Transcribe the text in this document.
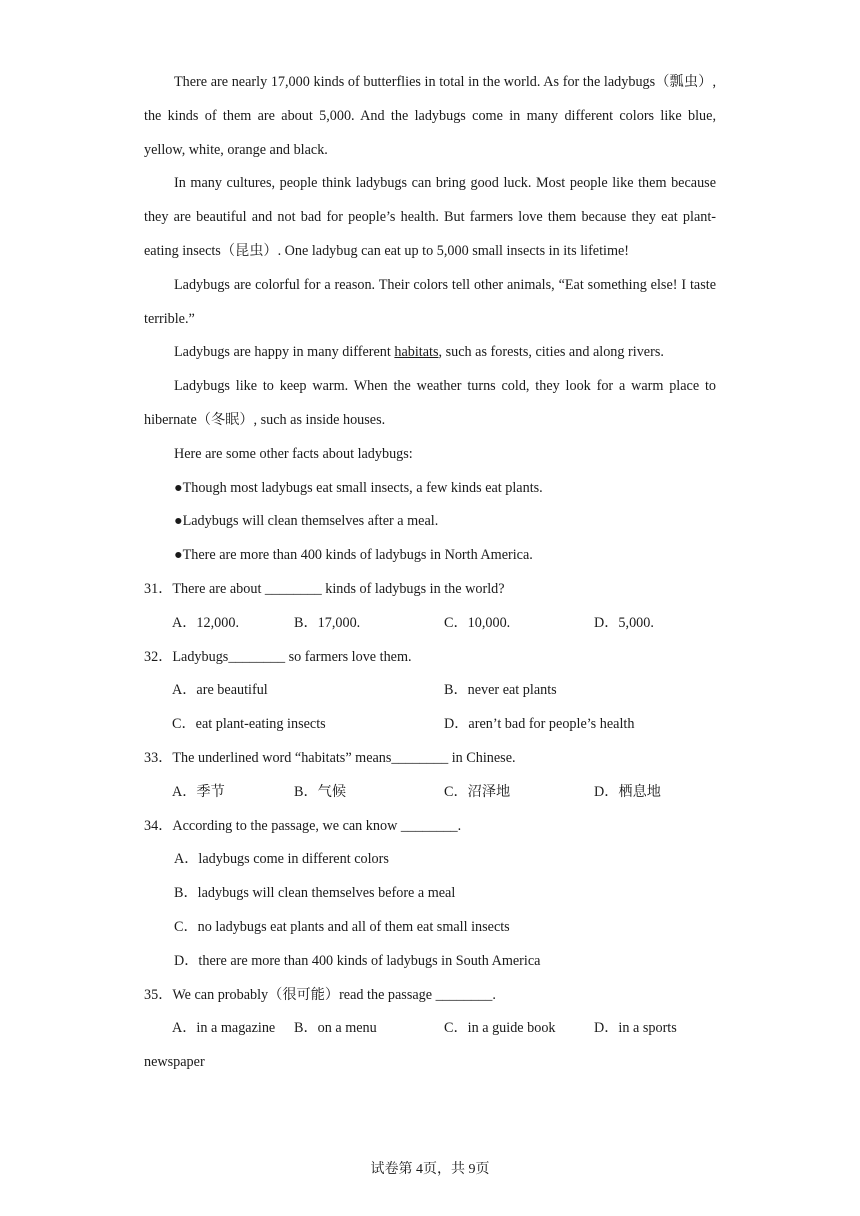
There are nearly 17,000 kinds of butterflies in total in the world. As for the ladybugs（瓢虫）, the kinds of them are about 5,000. And the ladybugs come in many different colors like blue, yellow, white, orange and black.

In many cultures, people think ladybugs can bring good luck. Most people like them because they are beautiful and not bad for people’s health. But farmers love them because they eat plant-eating insects（昆虫）. One ladybug can eat up to 5,000 small insects in its lifetime!

Ladybugs are colorful for a reason. Their colors tell other animals, “Eat something else! I taste terrible.”

Ladybugs are happy in many different habitats, such as forests, cities and along rivers.

Ladybugs like to keep warm. When the weather turns cold, they look for a warm place to hibernate（冬眠）, such as inside houses.

Here are some other facts about ladybugs:

●Though most ladybugs eat small insects, a few kinds eat plants.

●Ladybugs will clean themselves after a meal.

●There are more than 400 kinds of ladybugs in North America.

31．There are about ________ kinds of ladybugs in the world?

A．12,000.	B．17,000.	C．10,000.	D．5,000.

32．Ladybugs________ so farmers love them.

A．are beautiful	B．never eat plants
C．eat plant-eating insects	D．aren’t bad for people’s health

33．The underlined word “habitats” means________ in Chinese.

A．季节	B．气候	C．沼泽地	D．栖息地

34．According to the passage, we can know ________.

A．ladybugs come in different colors

B．ladybugs will clean themselves before a meal

C．no ladybugs eat plants and all of them eat small insects

D．there are more than 400 kinds of ladybugs in South America

35．We can probably（很可能）read the passage ________.

A．in a magazine B．on a menu	C．in a guide book	D．in a sports

newspaper

试卷第 4页，共 9页
